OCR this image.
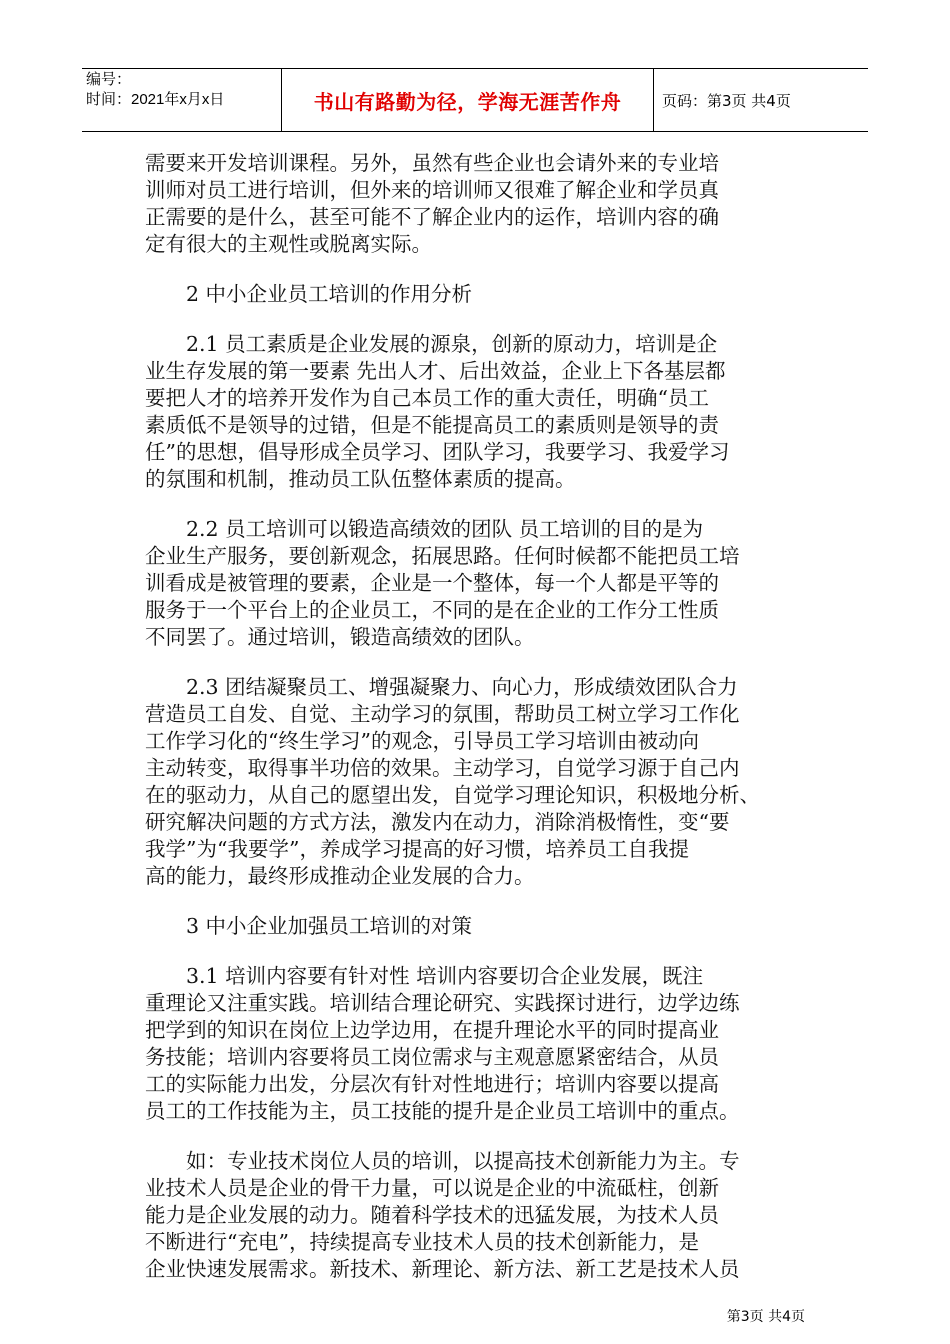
编号：
时间：2021年x月x日	书山有路勤为径，学海无涯苦作舟	页码：第3页 共4页
需要来开发培训课程。另外，虽然有些企业也会请外来的专业培
训师对员工进行培训，但外来的培训师又很难了解企业和学员真
正需要的是什么，甚至可能不了解企业内的运作，培训内容的确
定有很大的主观性或脱离实际。
　　2 中小企业员工培训的作用分析
　　2.1 员工素质是企业发展的源泉，创新的原动力，培训是企
业生存发展的第一要素 先出人才、后出效益，企业上下各基层都
要把人才的培养开发作为自己本员工作的重大责任，明确“员工
素质低不是领导的过错，但是不能提高员工的素质则是领导的责
任”的思想，倡导形成全员学习、团队学习，我要学习、我爱学习
的氛围和机制，推动员工队伍整体素质的提高。
　　2.2 员工培训可以锻造高绩效的团队 员工培训的目的是为
企业生产服务，要创新观念，拓展思路。任何时候都不能把员工培
训看成是被管理的要素，企业是一个整体，每一个人都是平等的
服务于一个平台上的企业员工，不同的是在企业的工作分工性质
不同罢了。通过培训，锻造高绩效的团队。
　　2.3 团结凝聚员工、增强凝聚力、向心力，形成绩效团队合力
营造员工自发、自觉、主动学习的氛围，帮助员工树立学习工作化
工作学习化的“终生学习”的观念，引导员工学习培训由被动向
主动转变，取得事半功倍的效果。主动学习，自觉学习源于自己内
在的驱动力，从自己的愿望出发，自觉学习理论知识，积极地分析、
研究解决问题的方式方法，激发内在动力，消除消极惰性，变“要
我学”为“我要学”，养成学习提高的好习惯，培养员工自我提
高的能力，最终形成推动企业发展的合力。
　　3 中小企业加强员工培训的对策
　　3.1 培训内容要有针对性 培训内容要切合企业发展，既注
重理论又注重实践。培训结合理论研究、实践探讨进行，边学边练
把学到的知识在岗位上边学边用，在提升理论水平的同时提高业
务技能；培训内容要将员工岗位需求与主观意愿紧密结合，从员
工的实际能力出发，分层次有针对性地进行；培训内容要以提高
员工的工作技能为主，员工技能的提升是企业员工培训中的重点。
　　如：专业技术岗位人员的培训，以提高技术创新能力为主。专
业技术人员是企业的骨干力量，可以说是企业的中流砥柱，创新
能力是企业发展的动力。随着科学技术的迅猛发展，为技术人员
不断进行“充电”，持续提高专业技术人员的技术创新能力，是
企业快速发展需求。新技术、新理论、新方法、新工艺是技术人员
第3页 共4页
